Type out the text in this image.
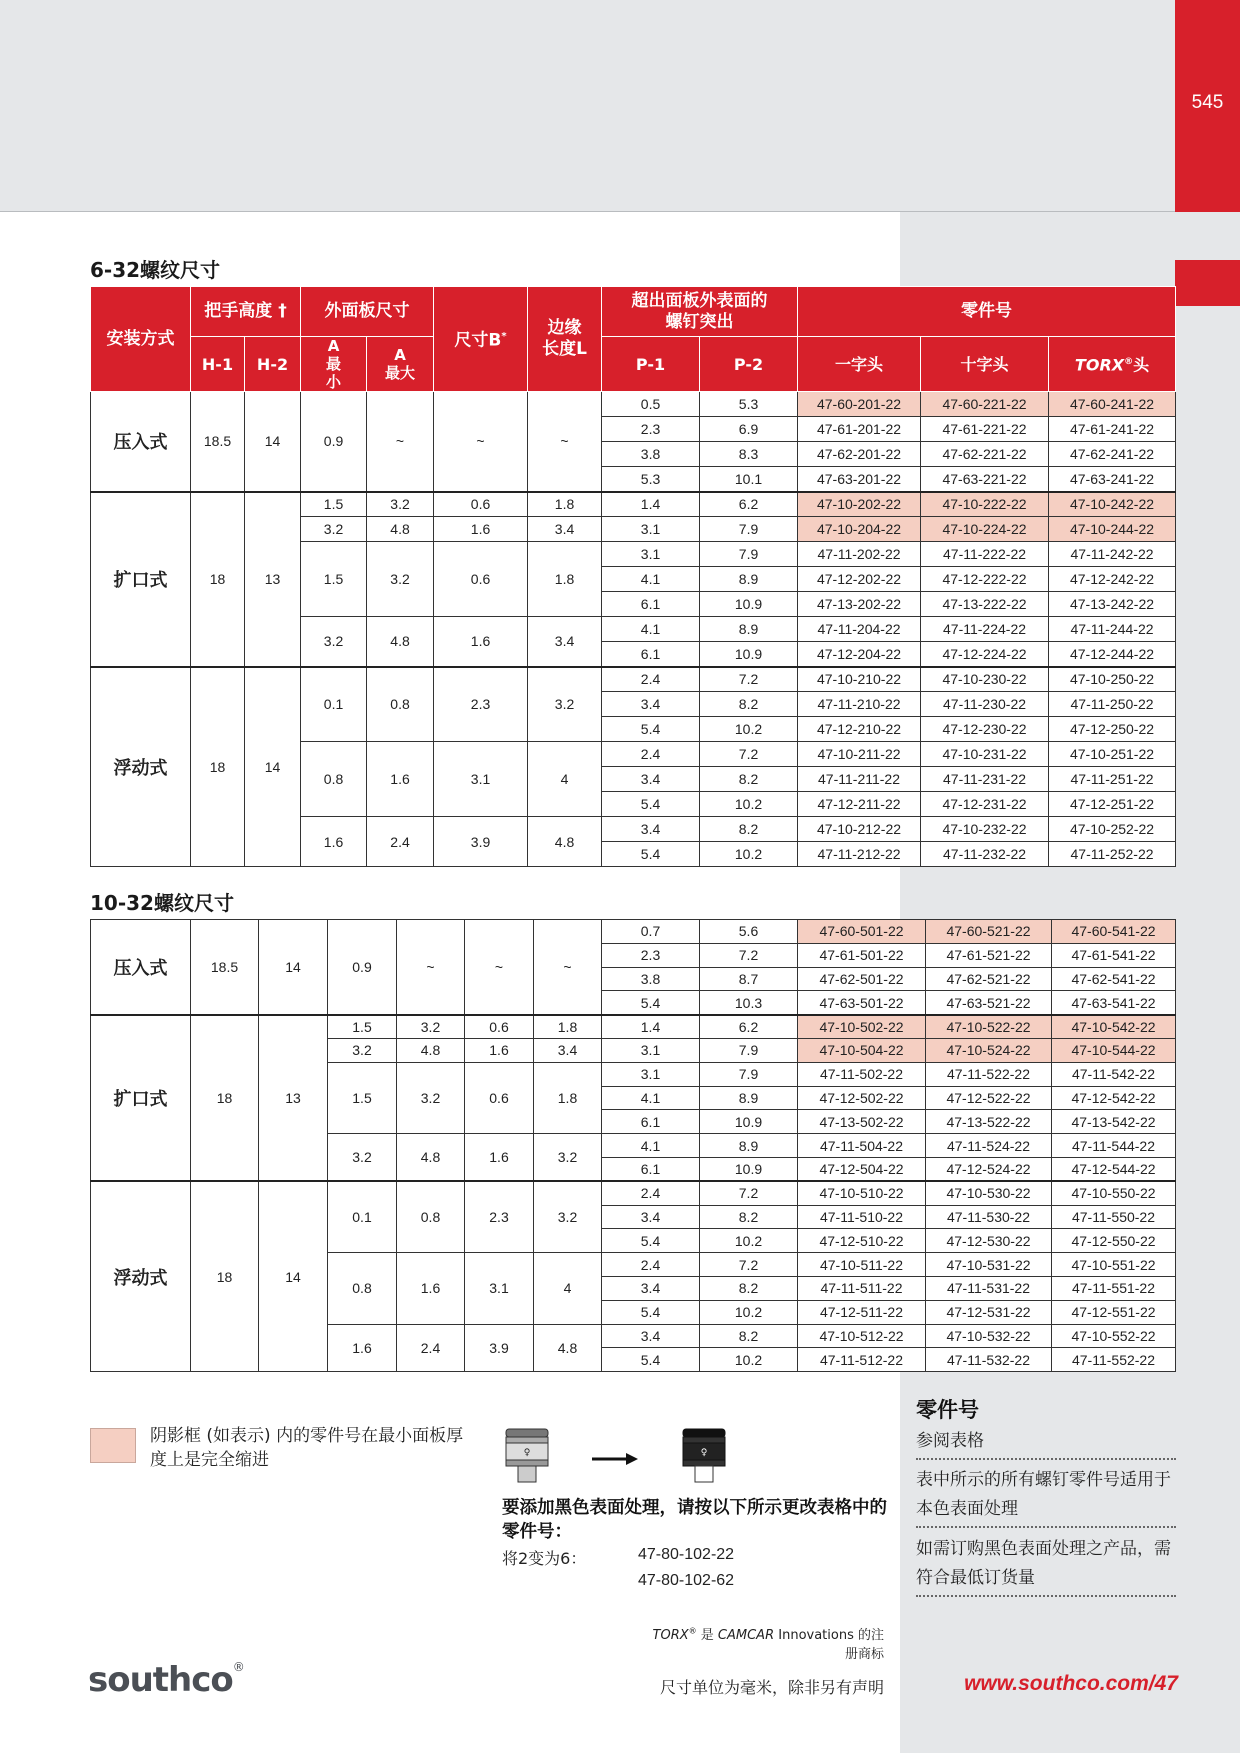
545
6-32螺纹尺寸
安装方式	把手高度 †		外面板尺寸		尺寸B*	边缘长度L	超出面板外表面的螺钉突出		零件号		
	H-1	H-2	A 最小	A 最大			P-1	P-2	一字头	十字头	TORX®头
压入式	18.5	14	0.9	~	~	~	0.5	5.3	47-60-201-22	47-60-221-22	47-60-241-22
							2.3	6.9	47-61-201-22	47-61-221-22	47-61-241-22
							3.8	8.3	47-62-201-22	47-62-221-22	47-62-241-22
							5.3	10.1	47-63-201-22	47-63-221-22	47-63-241-22
扩口式	18	13	1.5	3.2	0.6	1.8	1.4	6.2	47-10-202-22	47-10-222-22	47-10-242-22
			3.2	4.8	1.6	3.4	3.1	7.9	47-10-204-22	47-10-224-22	47-10-244-22
			1.5	3.2	0.6	1.8	3.1	7.9	47-11-202-22	47-11-222-22	47-11-242-22
							4.1	8.9	47-12-202-22	47-12-222-22	47-12-242-22
							6.1	10.9	47-13-202-22	47-13-222-22	47-13-242-22
			3.2	4.8	1.6	3.4	4.1	8.9	47-11-204-22	47-11-224-22	47-11-244-22
							6.1	10.9	47-12-204-22	47-12-224-22	47-12-244-22
浮动式	18	14	0.1	0.8	2.3	3.2	2.4	7.2	47-10-210-22	47-10-230-22	47-10-250-22
							3.4	8.2	47-11-210-22	47-11-230-22	47-11-250-22
							5.4	10.2	47-12-210-22	47-12-230-22	47-12-250-22
			0.8	1.6	3.1	4	2.4	7.2	47-10-211-22	47-10-231-22	47-10-251-22
							3.4	8.2	47-11-211-22	47-11-231-22	47-11-251-22
							5.4	10.2	47-12-211-22	47-12-231-22	47-12-251-22
			1.6	2.4	3.9	4.8	3.4	8.2	47-10-212-22	47-10-232-22	47-10-252-22
							5.4	10.2	47-11-212-22	47-11-232-22	47-11-252-22
10-32螺纹尺寸
压入式	18.5	14	0.9	~	~	~	0.7	5.6	47-60-501-22	47-60-521-22	47-60-541-22
							2.3	7.2	47-61-501-22	47-61-521-22	47-61-541-22
							3.8	8.7	47-62-501-22	47-62-521-22	47-62-541-22
							5.4	10.3	47-63-501-22	47-63-521-22	47-63-541-22
扩口式	18	13	1.5	3.2	0.6	1.8	1.4	6.2	47-10-502-22	47-10-522-22	47-10-542-22
			3.2	4.8	1.6	3.4	3.1	7.9	47-10-504-22	47-10-524-22	47-10-544-22
			1.5	3.2	0.6	1.8	3.1	7.9	47-11-502-22	47-11-522-22	47-11-542-22
							4.1	8.9	47-12-502-22	47-12-522-22	47-12-542-22
							6.1	10.9	47-13-502-22	47-13-522-22	47-13-542-22
			3.2	4.8	1.6	3.2	4.1	8.9	47-11-504-22	47-11-524-22	47-11-544-22
							6.1	10.9	47-12-504-22	47-12-524-22	47-12-544-22
浮动式	18	14	0.1	0.8	2.3	3.2	2.4	7.2	47-10-510-22	47-10-530-22	47-10-550-22
							3.4	8.2	47-11-510-22	47-11-530-22	47-11-550-22
							5.4	10.2	47-12-510-22	47-12-530-22	47-12-550-22
			0.8	1.6	3.1	4	2.4	7.2	47-10-511-22	47-10-531-22	47-10-551-22
							3.4	8.2	47-11-511-22	47-11-531-22	47-11-551-22
							5.4	10.2	47-12-511-22	47-12-531-22	47-12-551-22
			1.6	2.4	3.9	4.8	3.4	8.2	47-10-512-22	47-10-532-22	47-10-552-22
							5.4	10.2	47-11-512-22	47-11-532-22	47-11-552-22
阴影框 (如表示) 内的零件号在最小面板厚度上是完全缩进	♀	♀
要添加黑色表面处理，请按以下所示更改表格中的零件号：
将2变为6：	47-80-102-22
47-80-102-62
零件号
参阅表格
表中所示的所有螺钉零件号适用于本色表面处理
如需订购黑色表面处理之产品，需符合最低订货量
TORX® 是 CAMCAR Innovations 的注册商标
尺寸单位为毫米，除非另有声明	www.southco.com/47
southco®
